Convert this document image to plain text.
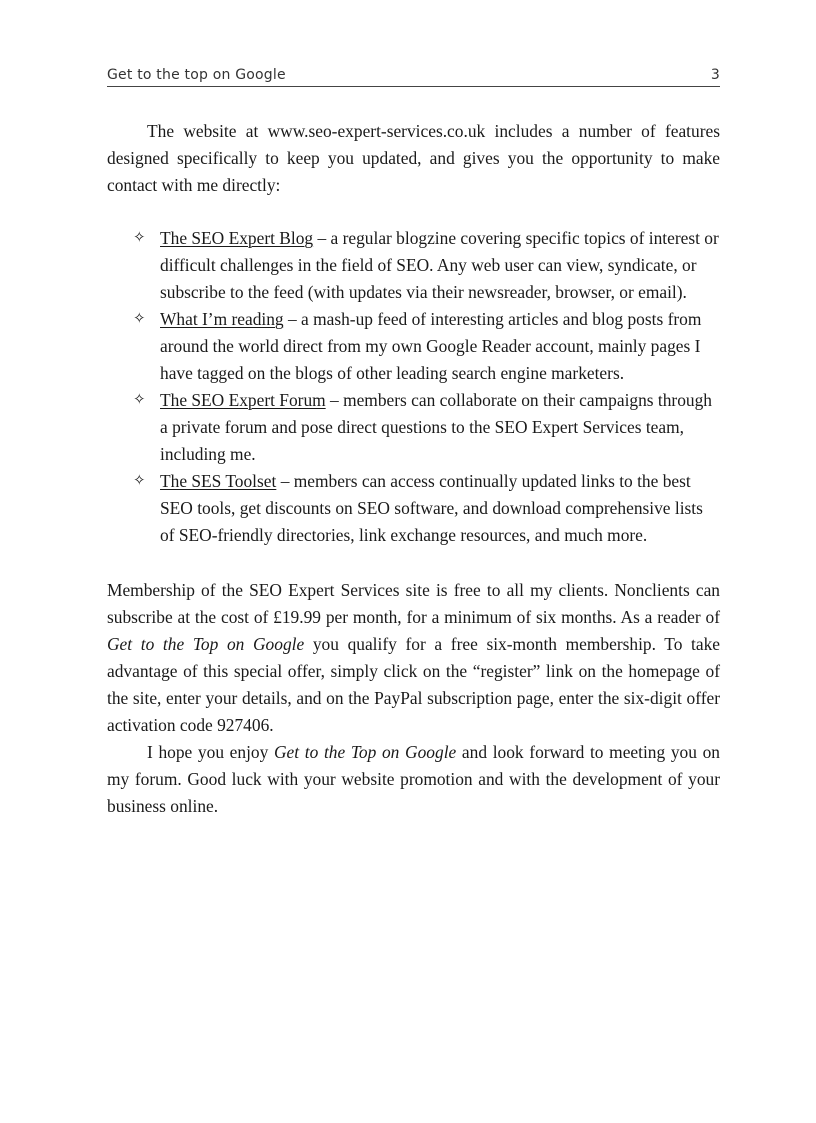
Get to the top on Google	3

The website at www.seo-expert-services.co.uk includes a number of features designed specifically to keep you updated, and gives you the opportunity to make contact with me directly:

✧ The SEO Expert Blog – a regular blogzine covering specific topics of interest or difficult challenges in the field of SEO. Any web user can view, syndicate, or subscribe to the feed (with updates via their newsreader, browser, or email).
✧ What I’m reading – a mash-up feed of interesting articles and blog posts from around the world direct from my own Google Reader account, mainly pages I have tagged on the blogs of other leading search engine marketers.
✧ The SEO Expert Forum – members can collaborate on their campaigns through a private forum and pose direct questions to the SEO Expert Services team, including me.
✧ The SES Toolset – members can access continually updated links to the best SEO tools, get discounts on SEO software, and download comprehensive lists of SEO-friendly directories, link exchange resources, and much more.

Membership of the SEO Expert Services site is free to all my clients. Nonclients can subscribe at the cost of £19.99 per month, for a minimum of six months. As a reader of Get to the Top on Google you qualify for a free six-month membership. To take advantage of this special offer, simply click on the “register” link on the homepage of the site, enter your details, and on the PayPal subscription page, enter the six-digit offer activation code 927406.

I hope you enjoy Get to the Top on Google and look forward to meeting you on my forum. Good luck with your website promotion and with the development of your business online.
